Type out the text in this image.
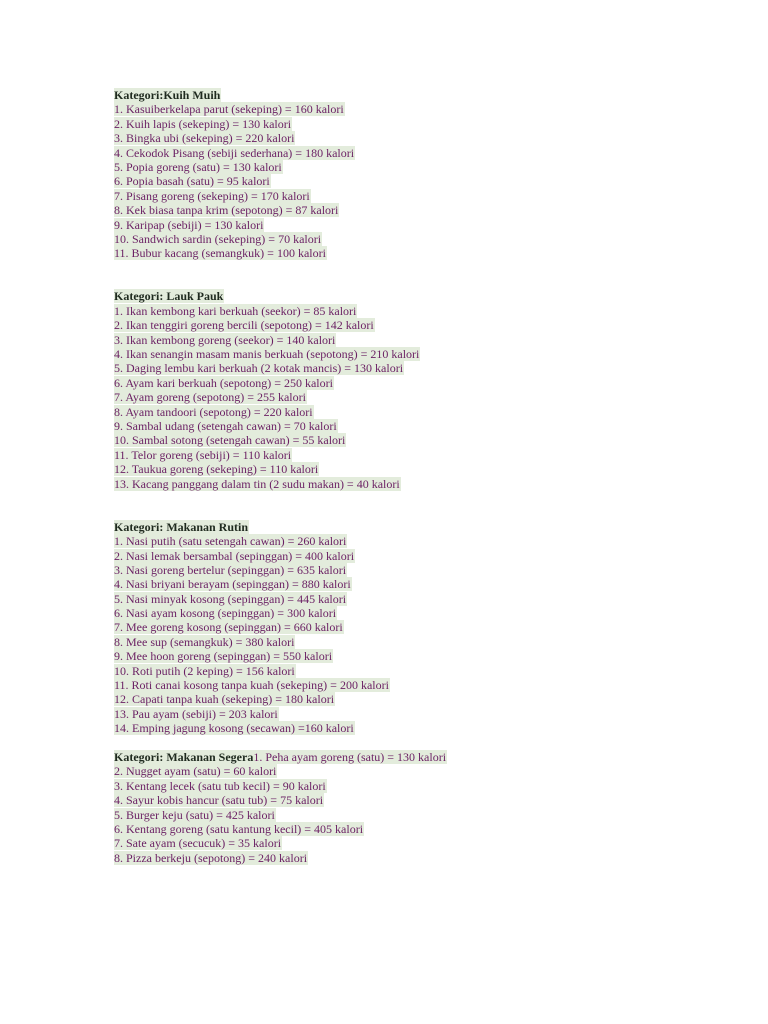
Kategori:Kuih Muih
1. Kasuiberkelapa parut (sekeping) = 160 kalori
2. Kuih lapis (sekeping) = 130 kalori
3. Bingka ubi (sekeping) = 220 kalori
4. Cekodok Pisang (sebiji sederhana) = 180 kalori
5. Popia goreng (satu) = 130 kalori
6. Popia basah (satu) = 95 kalori
7. Pisang goreng (sekeping) = 170 kalori
8. Kek biasa tanpa krim (sepotong) = 87 kalori
9. Karipap (sebiji) = 130 kalori
10. Sandwich sardin (sekeping) = 70 kalori
11. Bubur kacang (semangkuk) = 100 kalori
Kategori: Lauk Pauk
1. Ikan kembong kari berkuah (seekor) = 85 kalori
2. Ikan tenggiri goreng bercili (sepotong) = 142 kalori
3. Ikan kembong goreng (seekor) = 140 kalori
4. Ikan senangin masam manis berkuah (sepotong) = 210 kalori
5. Daging lembu kari berkuah (2 kotak mancis) = 130 kalori
6. Ayam kari berkuah (sepotong) = 250 kalori
7. Ayam goreng (sepotong) = 255 kalori
8. Ayam tandoori (sepotong) = 220 kalori
9. Sambal udang (setengah cawan) = 70 kalori
10. Sambal sotong (setengah cawan) = 55 kalori
11. Telor goreng (sebiji) = 110 kalori
12. Taukua goreng (sekeping) = 110 kalori
13. Kacang panggang dalam tin (2 sudu makan) = 40 kalori
Kategori: Makanan Rutin
1. Nasi putih (satu setengah cawan) = 260 kalori
2. Nasi lemak bersambal (sepinggan) = 400 kalori
3. Nasi goreng bertelur (sepinggan) = 635 kalori
4. Nasi briyani berayam (sepinggan) = 880 kalori
5. Nasi minyak kosong (sepinggan) = 445 kalori
6. Nasi ayam kosong (sepinggan) = 300 kalori
7. Mee goreng kosong (sepinggan) = 660 kalori
8. Mee sup (semangkuk) = 380 kalori
9. Mee hoon goreng (sepinggan) = 550 kalori
10. Roti putih (2 keping) = 156 kalori
11. Roti canai kosong tanpa kuah (sekeping) = 200 kalori
12. Capati tanpa kuah (sekeping) = 180 kalori
13. Pau ayam (sebiji) = 203 kalori
14. Emping jagung kosong (secawan) =160 kalori
Kategori: Makanan Segera1. Peha ayam goreng (satu) = 130 kalori
2. Nugget ayam (satu) = 60 kalori
3. Kentang lecek (satu tub kecil) = 90 kalori
4. Sayur kobis hancur (satu tub) = 75 kalori
5. Burger keju (satu) = 425 kalori
6. Kentang goreng (satu kantung kecil) = 405 kalori
7. Sate ayam (secucuk) = 35 kalori
8. Pizza berkeju (sepotong) = 240 kalori
